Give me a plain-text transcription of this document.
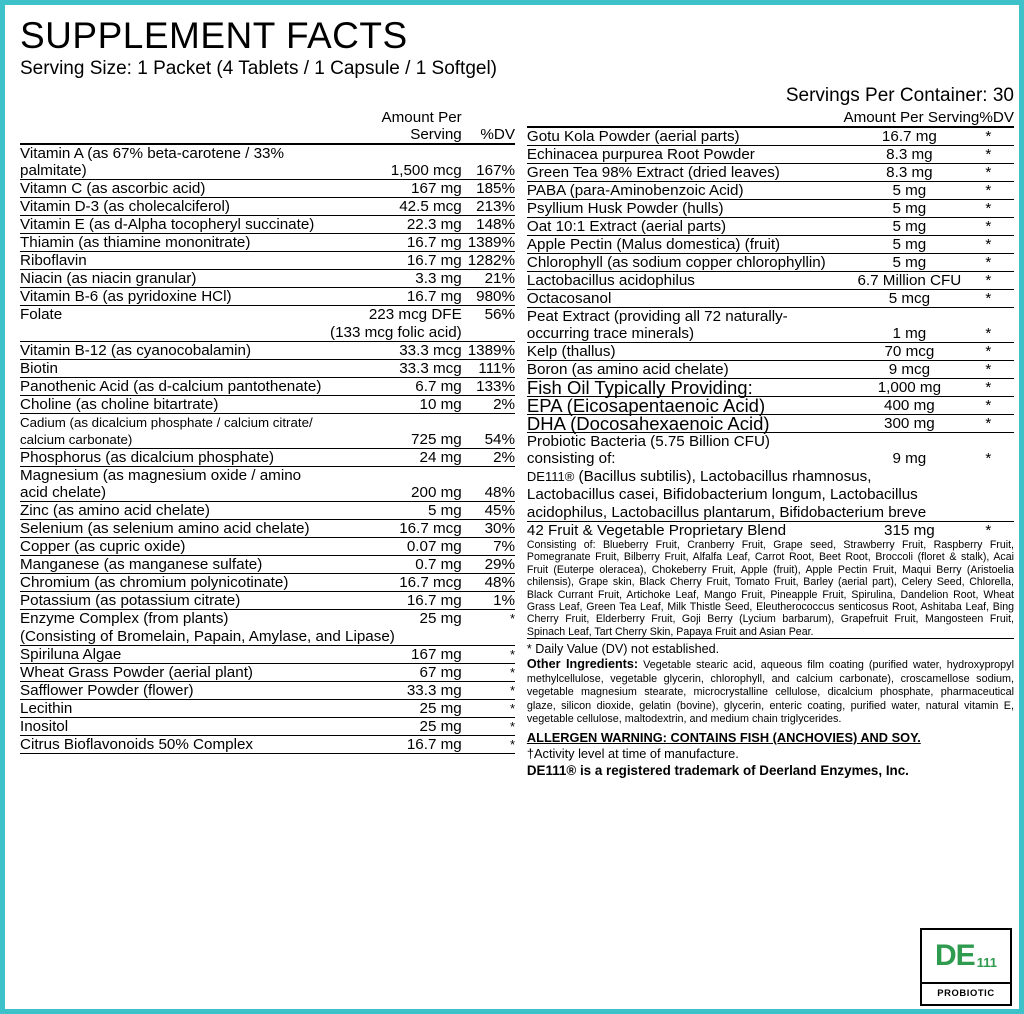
SUPPLEMENT FACTS
Serving Size: 1 Packet (4 Tablets / 1 Capsule / 1 Softgel)
	Amount Per Serving	%DV
Vitamin A (as 67% beta-carotene / 33% palmitate)	1,500 mcg	167%
Vitamn C (as ascorbic acid)	167 mg	185%
Vitamin D-3 (as cholecalciferol)	42.5 mcg	213%
Vitamin E (as d-Alpha tocopheryl succinate)	22.3 mg	148%
Thiamin (as thiamine mononitrate)	16.7 mg	1389%
Riboflavin	16.7 mg	1282%
Niacin (as niacin granular)	3.3 mg	21%
Vitamin B-6 (as pyridoxine HCl)	16.7 mg	980%
Folate	223 mcg DFE	56%
	(133 mcg folic acid)	
Vitamin B-12 (as cyanocobalamin)	33.3 mcg	1389%
Biotin	33.3 mcg	111%
Panothenic Acid (as d-calcium pantothenate)	6.7 mg	133%
Choline (as choline bitartrate)	10 mg	2%
Cadium (as dicalcium phosphate / calcium citrate/ calcium carbonate)	725 mg	54%
Phosphorus (as dicalcium phosphate)	24 mg	2%
Magnesium (as magnesium oxide / amino acid chelate)	200 mg	48%
Zinc (as amino acid chelate)	5 mg	45%
Selenium (as selenium amino acid chelate)	16.7 mcg	30%
Copper (as cupric oxide)	0.07 mg	7%
Manganese (as manganese sulfate)	0.7 mg	29%
Chromium (as chromium polynicotinate)	16.7 mcg	48%
Potassium (as potassium citrate)	16.7 mg	1%
Enzyme Complex (from plants)	25 mg	*
(Consisting of Bromelain, Papain, Amylase, and Lipase)		
Spiriluna Algae	167 mg	*
Wheat Grass Powder (aerial plant)	67 mg	*
Safflower Powder (flower)	33.3 mg	*
Lecithin	25 mg	*
Inositol	25 mg	*
Citrus Bioflavonoids 50% Complex	16.7 mg	*
Servings Per Container: 30
	Amount Per Serving	%DV
Gotu Kola Powder (aerial parts)	16.7 mg	*
Echinacea purpurea Root Powder	8.3 mg	*
Green Tea 98% Extract (dried leaves)	8.3 mg	*
PABA (para-Aminobenzoic Acid)	5 mg	*
Psyllium Husk Powder (hulls)	5 mg	*
Oat 10:1 Extract (aerial parts)	5 mg	*
Apple Pectin (Malus domestica) (fruit)	5 mg	*
Chlorophyll (as sodium copper chlorophyllin)	5 mg	*
Lactobacillus acidophilus	6.7 Million CFU	*
Octacosanol	5 mcg	*
Peat Extract (providing all 72 naturally-occurring trace minerals)	1 mg	*
Kelp (thallus)	70 mcg	*
Boron (as amino acid chelate)	9 mcg	*
Fish Oil Typically Providing:	1,000 mg	*
EPA (Eicosapentaenoic Acid)	400 mg	*
DHA (Docosahexaenoic Acid)	300 mg	*
Probiotic Bacteria (5.75 Billion CFU) consisting of:	9 mg	*
DE111® (Bacillus subtilis), Lactobacillus rhamnosus,		
Lactobacillus casei, Bifidobacterium longum, Lactobacillus		
acidophilus, Lactobacillus plantarum, Bifidobacterium breve		
42 Fruit & Vegetable Proprietary Blend	315 mg	*
Consisting of: Blueberry Fruit, Cranberry Fruit, Grape seed, Strawberry Fruit, Raspberry Fruit, Pomegranate Fruit, Bilberry Fruit, Alfalfa Leaf, Carrot Root, Beet Root, Broccoli (floret & stalk), Acai Fruit (Euterpe oleracea), Chokeberry Fruit, Apple (fruit), Apple Pectin Fruit, Maqui Berry (Aristoelia chilensis), Grape skin, Black Cherry Fruit, Tomato Fruit, Barley (aerial part), Celery Seed, Chlorella, Black Currant Fruit, Artichoke Leaf, Mango Fruit, Pineapple Fruit, Spirulina, Dandelion Root, Wheat Grass Leaf, Green Tea Leaf, Milk Thistle Seed, Eleutherococcus senticosus Root, Ashitaba Leaf, Bing Cherry Fruit, Elderberry Fruit, Goji Berry (Lycium barbarum), Grapefruit Fruit, Mangosteen Fruit, Spinach Leaf, Tart Cherry Skin, Papaya Fruit and Asian Pear.		
* Daily Value (DV) not established.
Other Ingredients: Vegetable stearic acid, aqueous film coating (purified water, hydroxypropyl methylcellulose, vegetable glycerin, chlorophyll, and calcium carbonate), croscamellose sodium, vegetable magnesium stearate, microcrystalline cellulose, dicalcium phosphate, pharmaceutical glaze, silicon dioxide, gelatin (bovine), glycerin, enteric coating, purified water, natural vitamin E, vegetable cellulose, maltodextrin, and medium chain triglycerides.
ALLERGEN WARNING: CONTAINS FISH (ANCHOVIES) AND SOY.
†Activity level at time of manufacture.
DE111® is a registered trademark of Deerland Enzymes, Inc.
DE 111
PROBIOTIC
